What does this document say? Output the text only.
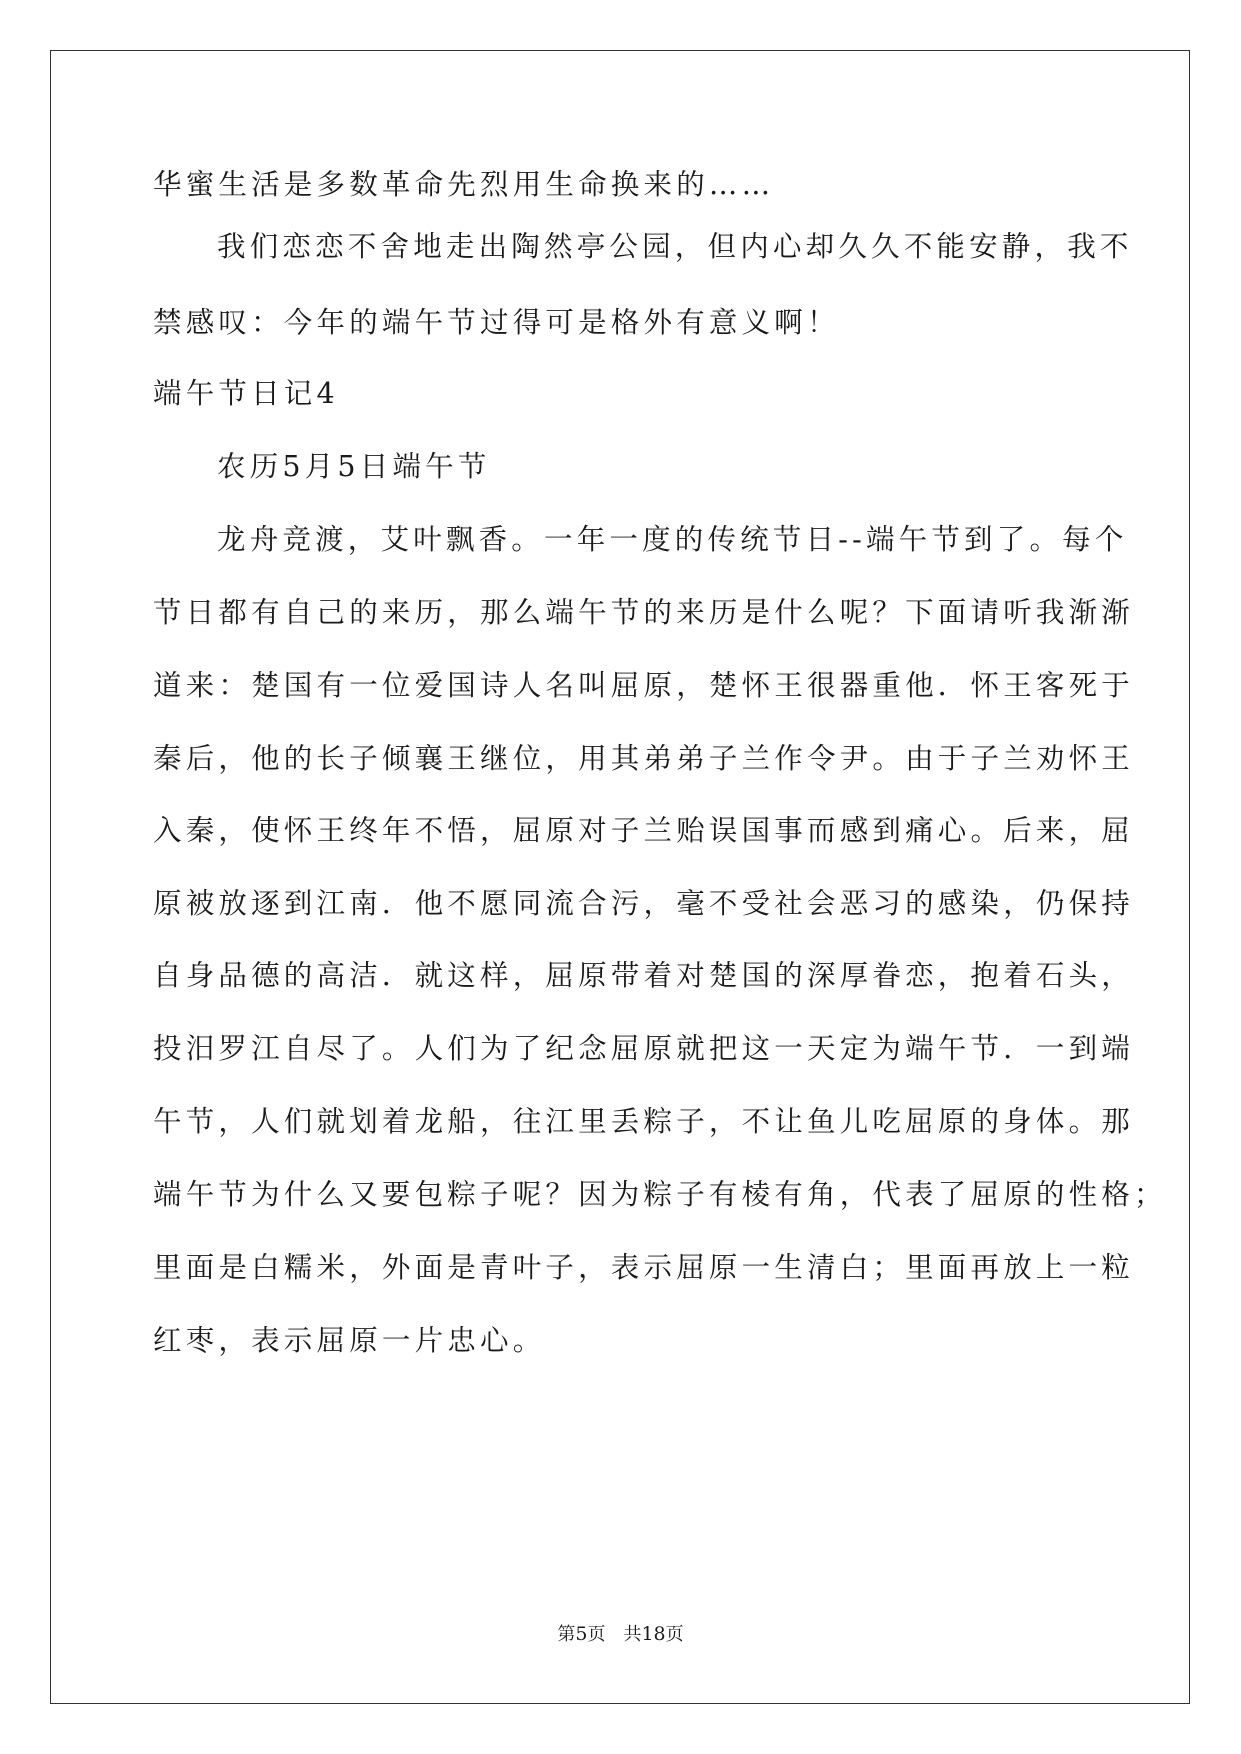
华蜜生活是多数革命先烈用生命换来的……
我们恋恋不舍地走出陶然亭公园，但内心却久久不能安静，我不
禁感叹：今年的端午节过得可是格外有意义啊！
端午节日记4
农历5月5日端午节
龙舟竞渡，艾叶飘香。一年一度的传统节日--端午节到了。每个
节日都有自己的来历，那么端午节的来历是什么呢？下面请听我渐渐
道来：楚国有一位爱国诗人名叫屈原，楚怀王很器重他．怀王客死于
秦后，他的长子倾襄王继位，用其弟弟子兰作令尹。由于子兰劝怀王
入秦，使怀王终年不悟，屈原对子兰贻误国事而感到痛心。后来，屈
原被放逐到江南．他不愿同流合污，毫不受社会恶习的感染，仍保持
自身品德的高洁．就这样，屈原带着对楚国的深厚眷恋，抱着石头，
投汨罗江自尽了。人们为了纪念屈原就把这一天定为端午节．一到端
午节，人们就划着龙船，往江里丢粽子，不让鱼儿吃屈原的身体。那
端午节为什么又要包粽子呢？因为粽子有棱有角，代表了屈原的性格；
里面是白糯米，外面是青叶子，表示屈原一生清白；里面再放上一粒
红枣，表示屈原一片忠心。
第5页　共18页
